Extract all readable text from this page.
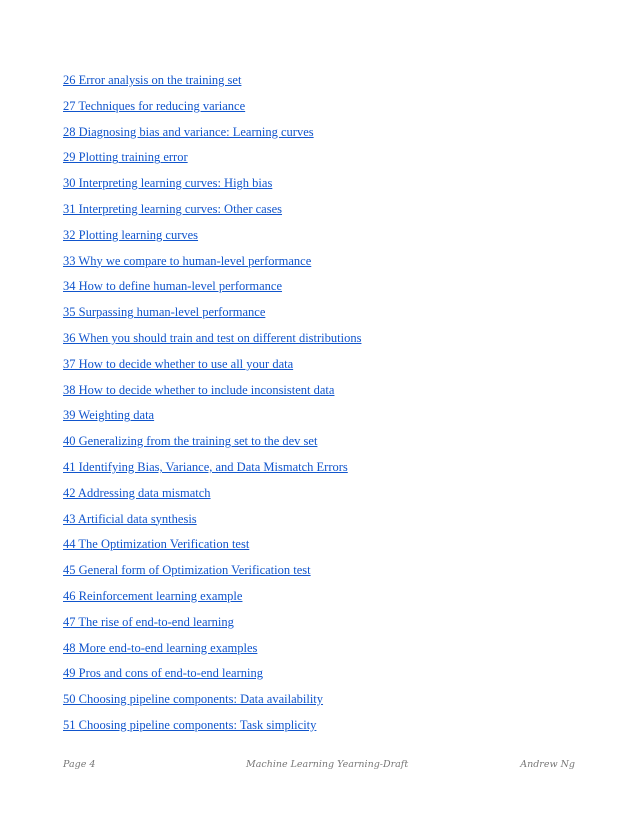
26 Error analysis on the training set
27 Techniques for reducing variance
28 Diagnosing bias and variance: Learning curves
29 Plotting training error
30 Interpreting learning curves: High bias
31 Interpreting learning curves: Other cases
32 Plotting learning curves
33 Why we compare to human-level performance
34 How to define human-level performance
35 Surpassing human-level performance
36 When you should train and test on different distributions
37 How to decide whether to use all your data
38 How to decide whether to include inconsistent data
39 Weighting data
40 Generalizing from the training set to the dev set
41 Identifying Bias, Variance, and Data Mismatch Errors
42 Addressing data mismatch
43 Artificial data synthesis
44 The Optimization Verification test
45 General form of Optimization Verification test
46 Reinforcement learning example
47 The rise of end-to-end learning
48 More end-to-end learning examples
49 Pros and cons of end-to-end learning
50 Choosing pipeline components: Data availability
51 Choosing pipeline components: Task simplicity
Page 4	Machine Learning Yearning-Draft	Andrew Ng
